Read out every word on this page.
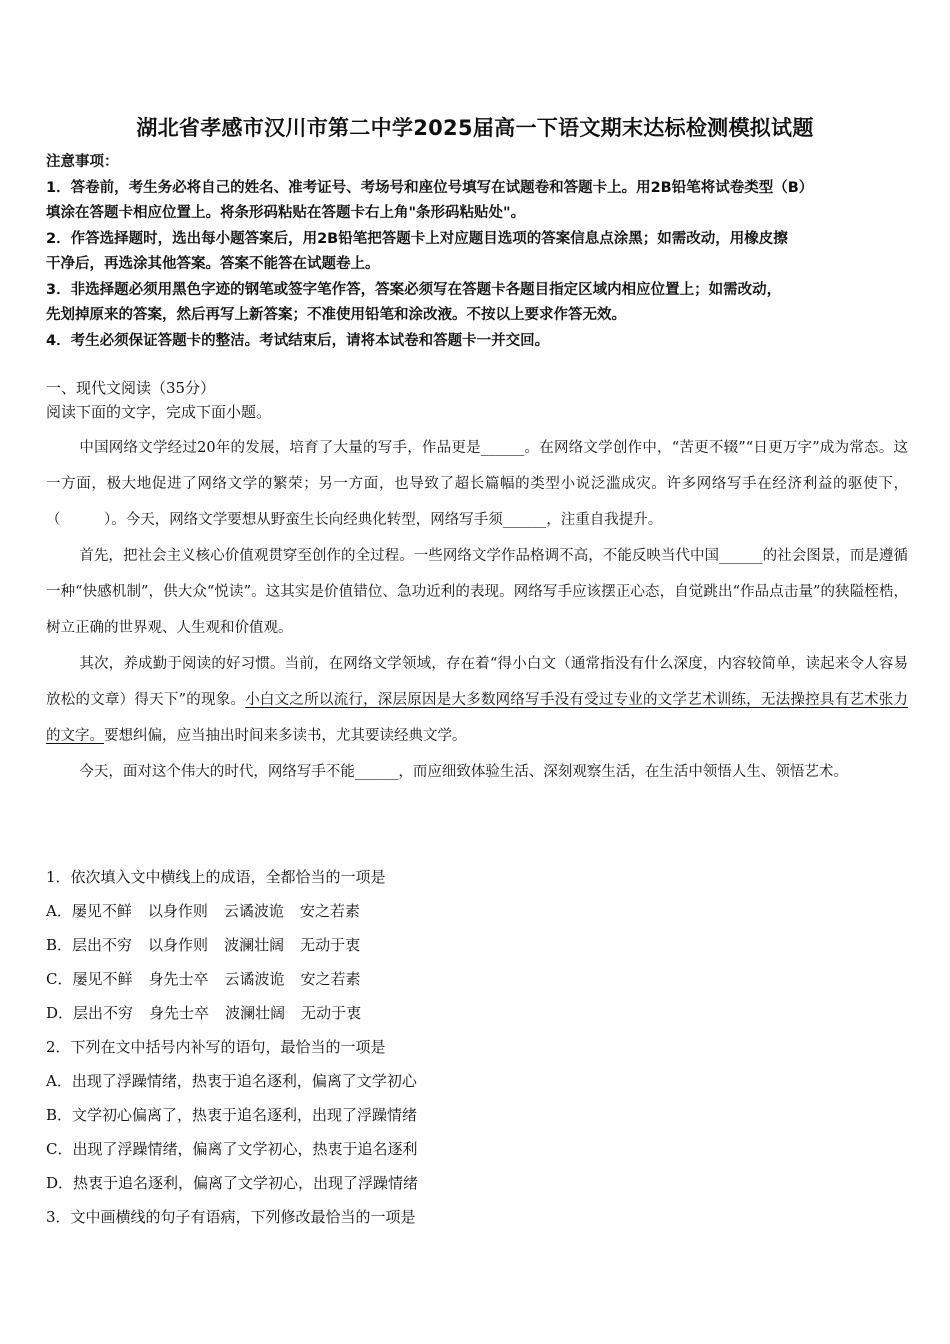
湖北省孝感市汉川市第二中学2025届高一下语文期末达标检测模拟试题
注意事项：
1．答卷前，考生务必将自己的姓名、准考证号、考场号和座位号填写在试题卷和答题卡上。用2B铅笔将试卷类型（B）
填涂在答题卡相应位置上。将条形码粘贴在答题卡右上角"条形码粘贴处"。
2．作答选择题时，选出每小题答案后，用2B铅笔把答题卡上对应题目选项的答案信息点涂黑；如需改动，用橡皮擦
干净后，再选涂其他答案。答案不能答在试题卷上。
3．非选择题必须用黑色字迹的钢笔或签字笔作答，答案必须写在答题卡各题目指定区域内相应位置上；如需改动，
先划掉原来的答案，然后再写上新答案；不准使用铅笔和涂改液。不按以上要求作答无效。
4．考生必须保证答题卡的整洁。考试结束后，请将本试卷和答题卡一并交回。
一、现代文阅读（35分）
阅读下面的文字，完成下面小题。

中国网络文学经过20年的发展，培育了大量的写手，作品更是______。在网络文学创作中，“苦更不辍”“日更万字”成为常态。这一方面，极大地促进了网络文学的繁荣；另一方面，也导致了超长篇幅的类型小说泛滥成灾。许多网络写手在经济利益的驱使下，（　　　）。今天，网络文学要想从野蛮生长向经典化转型，网络写手须______，注重自我提升。

首先，把社会主义核心价值观贯穿至创作的全过程。一些网络文学作品格调不高，不能反映当代中国______的社会图景，而是遵循一种“快感机制”，供大众“悦读”。这其实是价值错位、急功近利的表现。网络写手应该摆正心态，自觉跳出“作品点击量”的狭隘桎梏，树立正确的世界观、人生观和价值观。

其次，养成勤于阅读的好习惯。当前，在网络文学领域，存在着“得小白文（通常指没有什么深度，内容较简单，读起来令人容易放松的文章）得天下”的现象。小白文之所以流行，深层原因是大多数网络写手没有受过专业的文学艺术训练，无法操控具有艺术张力的文字。要想纠偏，应当抽出时间来多读书，尤其要读经典文学。

今天，面对这个伟大的时代，网络写手不能______，而应细致体验生活、深刻观察生活，在生活中领悟人生、领悟艺术。

1．依次填入文中横线上的成语，全都恰当的一项是
A．屡见不鲜 以身作则 云谲波诡 安之若素
B．层出不穷 以身作则 波澜壮阔 无动于衷
C．屡见不鲜 身先士卒 云谲波诡 安之若素
D．层出不穷 身先士卒 波澜壮阔 无动于衷
2．下列在文中括号内补写的语句，最恰当的一项是
A．出现了浮躁情绪，热衷于追名逐利，偏离了文学初心
B．文学初心偏离了，热衷于追名逐利，出现了浮躁情绪
C．出现了浮躁情绪，偏离了文学初心，热衷于追名逐利
D．热衷于追名逐利，偏离了文学初心，出现了浮躁情绪
3．文中画横线的句子有语病，下列修改最恰当的一项是
